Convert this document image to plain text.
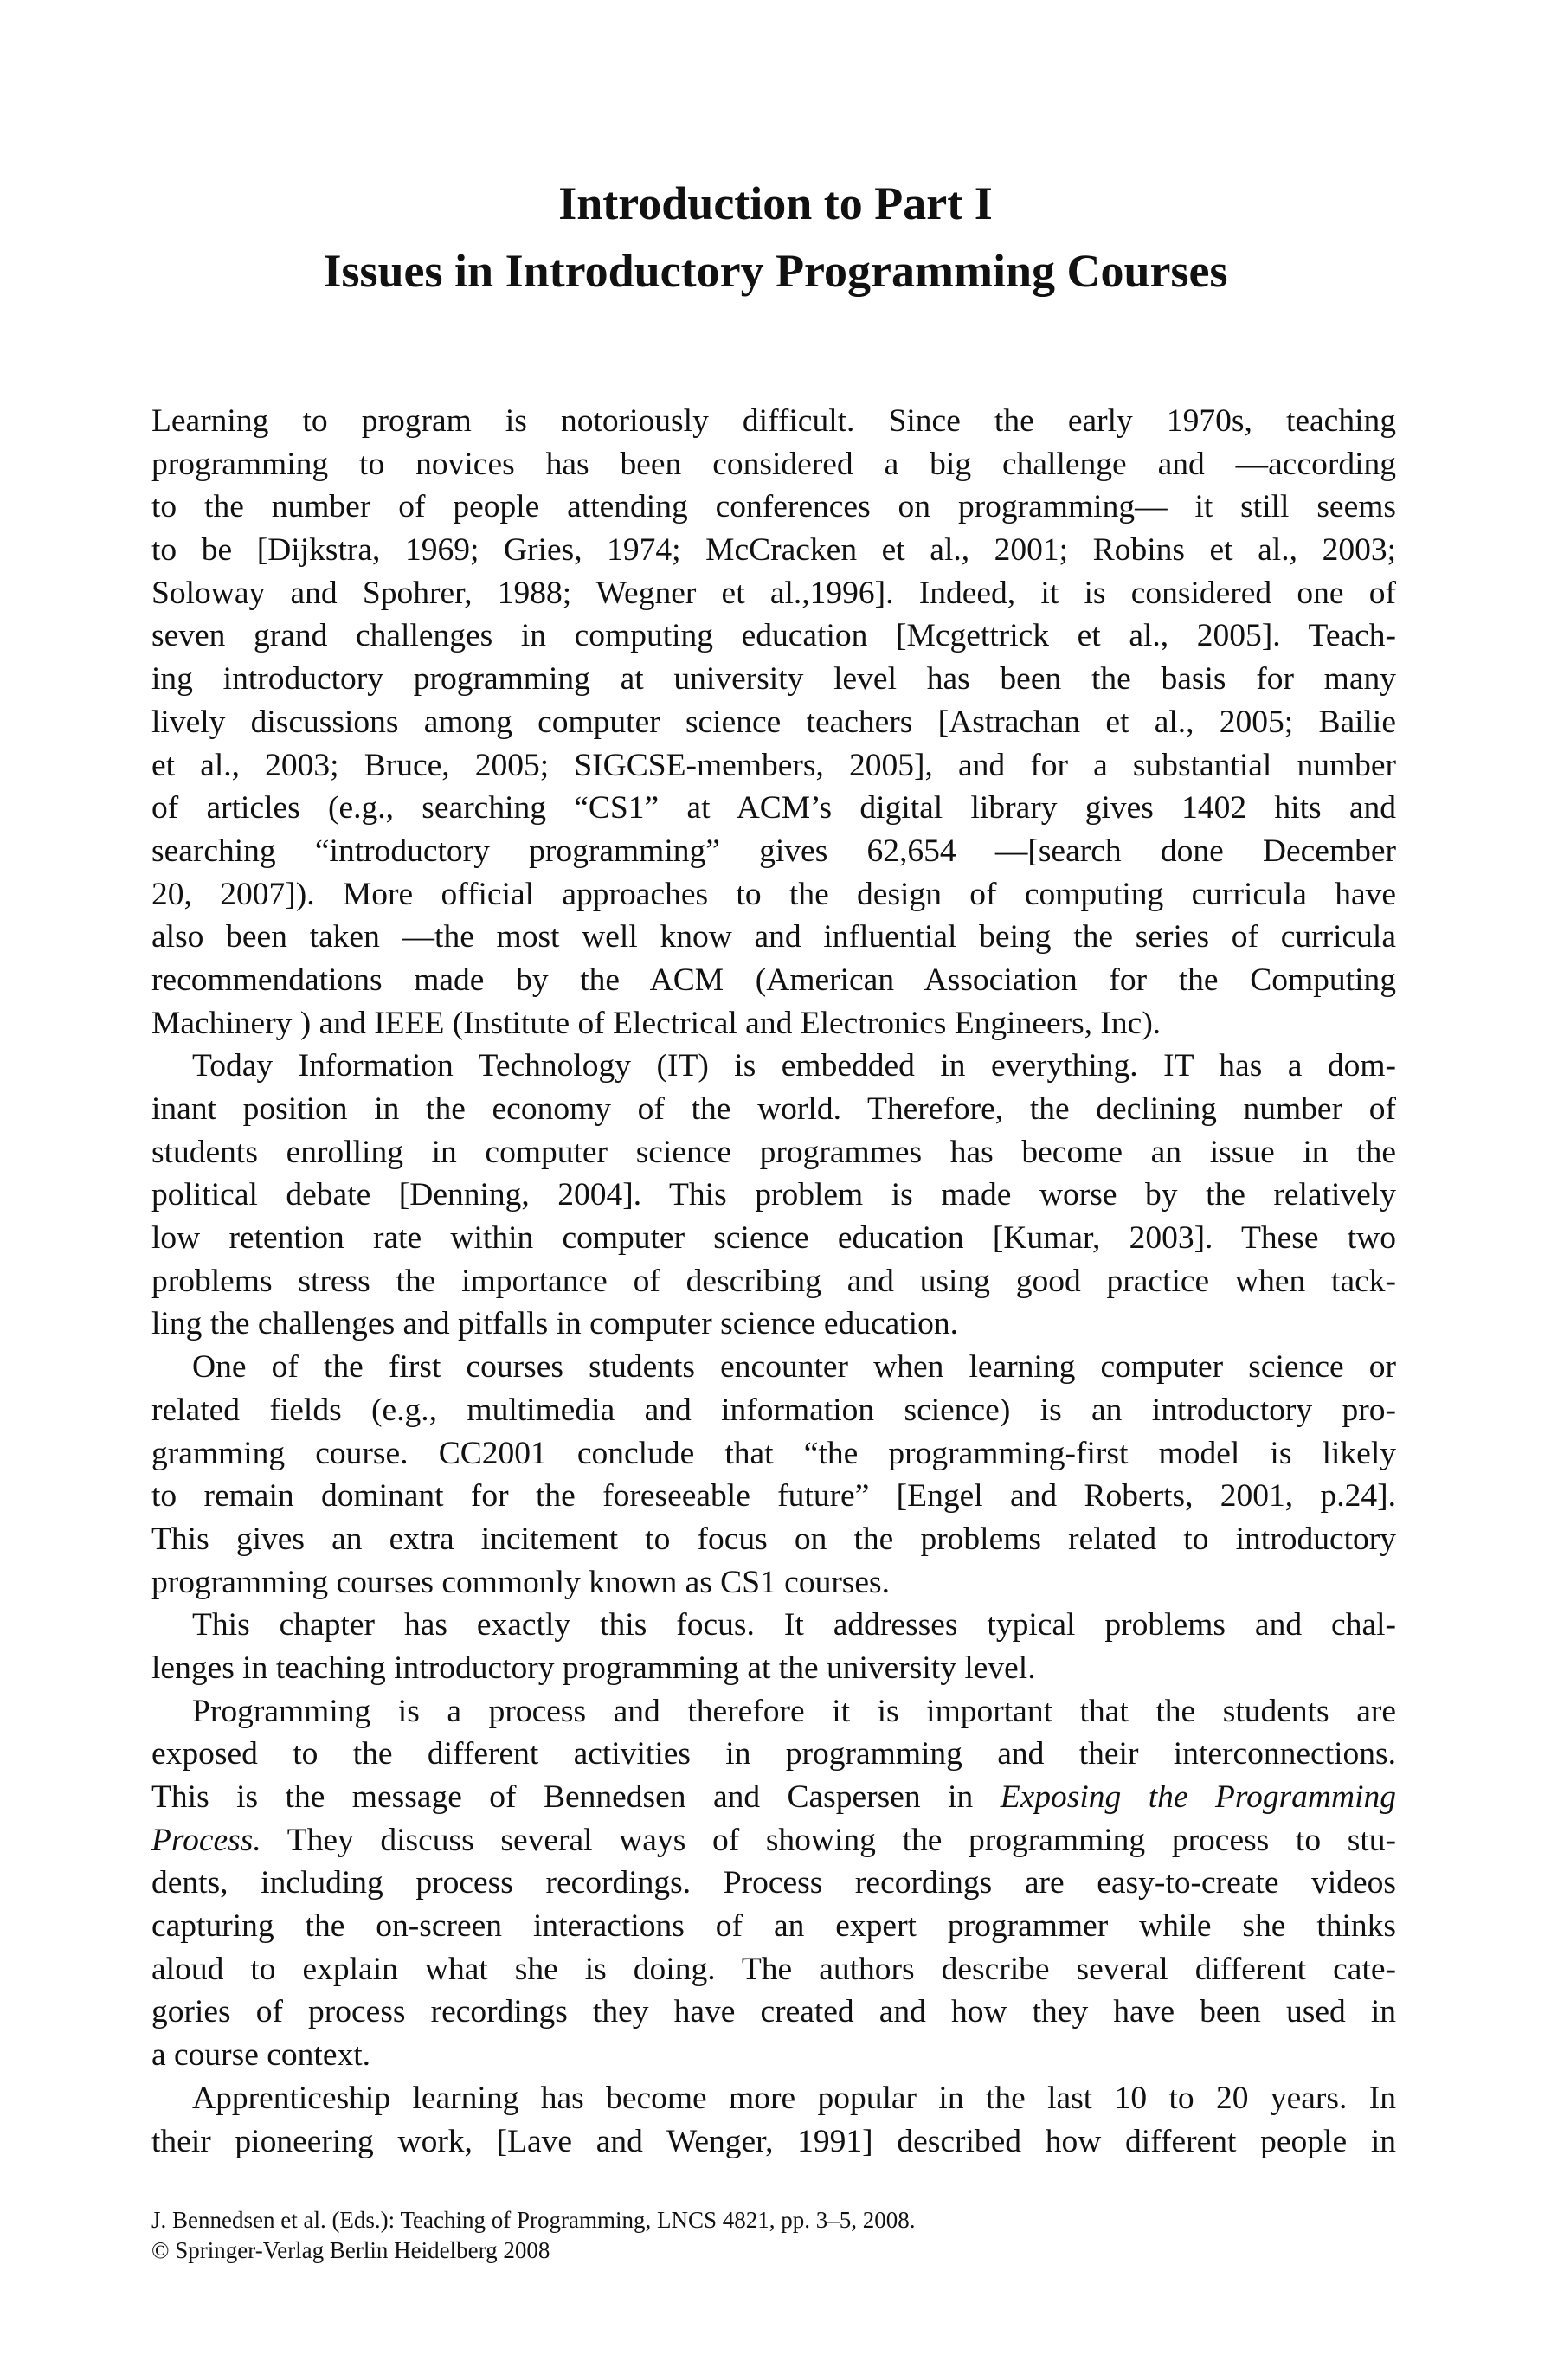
Introduction to Part I
Issues in Introductory Programming Courses
Learning to program is notoriously difficult. Since the early 1970s, teaching
programming to novices has been considered a big challenge and —according
to the number of people attending conferences on programming— it still seems
to be [Dijkstra, 1969; Gries, 1974; McCracken et al., 2001; Robins et al., 2003;
Soloway and Spohrer, 1988; Wegner et al.,1996]. Indeed, it is considered one of
seven grand challenges in computing education [Mcgettrick et al., 2005]. Teach-
ing introductory programming at university level has been the basis for many
lively discussions among computer science teachers [Astrachan et al., 2005; Bailie
et al., 2003; Bruce, 2005; SIGCSE-members, 2005], and for a substantial number
of articles (e.g., searching “CS1” at ACM’s digital library gives 1402 hits and
searching “introductory programming” gives 62,654 —[search done December
20, 2007]). More official approaches to the design of computing curricula have
also been taken —the most well know and influential being the series of curricula
recommendations made by the ACM (American Association for the Computing
Machinery ) and IEEE (Institute of Electrical and Electronics Engineers, Inc).
Today Information Technology (IT) is embedded in everything. IT has a dom-
inant position in the economy of the world. Therefore, the declining number of
students enrolling in computer science programmes has become an issue in the
political debate [Denning, 2004]. This problem is made worse by the relatively
low retention rate within computer science education [Kumar, 2003]. These two
problems stress the importance of describing and using good practice when tack-
ling the challenges and pitfalls in computer science education.
One of the first courses students encounter when learning computer science or
related fields (e.g., multimedia and information science) is an introductory pro-
gramming course. CC2001 conclude that “the programming-first model is likely
to remain dominant for the foreseeable future” [Engel and Roberts, 2001, p.24].
This gives an extra incitement to focus on the problems related to introductory
programming courses commonly known as CS1 courses.
This chapter has exactly this focus. It addresses typical problems and chal-
lenges in teaching introductory programming at the university level.
Programming is a process and therefore it is important that the students are
exposed to the different activities in programming and their interconnections.
This is the message of Bennedsen and Caspersen in Exposing the Programming
Process. They discuss several ways of showing the programming process to stu-
dents, including process recordings. Process recordings are easy-to-create videos
capturing the on-screen interactions of an expert programmer while she thinks
aloud to explain what she is doing. The authors describe several different cate-
gories of process recordings they have created and how they have been used in
a course context.
Apprenticeship learning has become more popular in the last 10 to 20 years. In
their pioneering work, [Lave and Wenger, 1991] described how different people in
J. Bennedsen et al. (Eds.): Teaching of Programming, LNCS 4821, pp. 3–5, 2008.
© Springer-Verlag Berlin Heidelberg 2008
